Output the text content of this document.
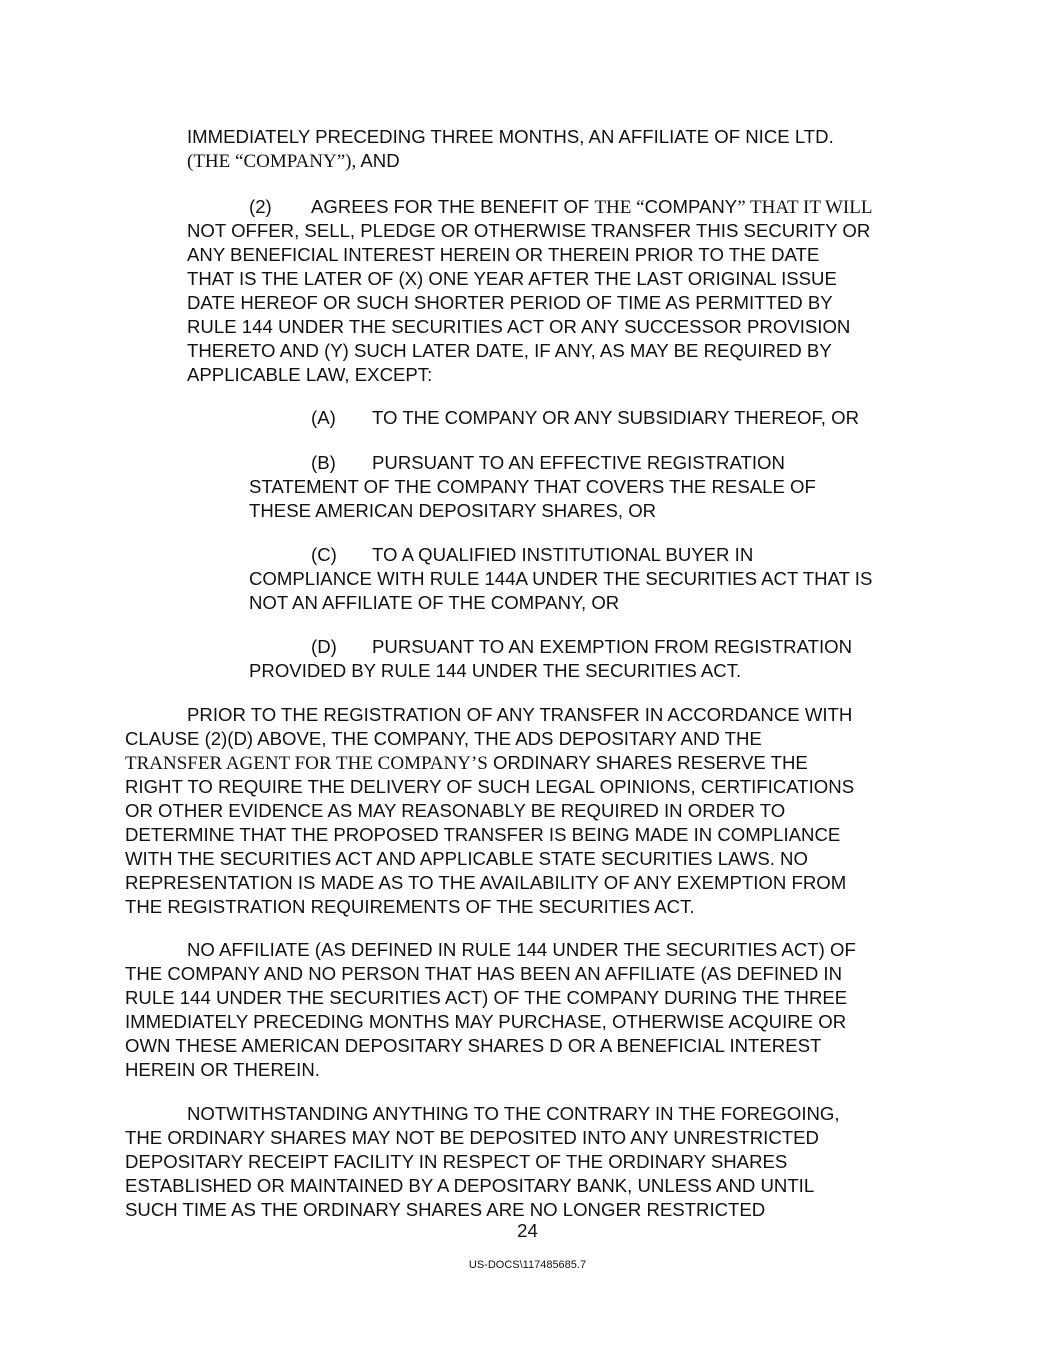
IMMEDIATELY PRECEDING THREE MONTHS, AN AFFILIATE OF NICE LTD.
(THE “COMPANY”), AND
(2) AGREES FOR THE BENEFIT OF THE “COMPANY” THAT IT WILL
NOT OFFER, SELL, PLEDGE OR OTHERWISE TRANSFER THIS SECURITY OR
ANY BENEFICIAL INTEREST HEREIN OR THEREIN PRIOR TO THE DATE
THAT IS THE LATER OF (X) ONE YEAR AFTER THE LAST ORIGINAL ISSUE
DATE HEREOF OR SUCH SHORTER PERIOD OF TIME AS PERMITTED BY
RULE 144 UNDER THE SECURITIES ACT OR ANY SUCCESSOR PROVISION
THERETO AND (Y) SUCH LATER DATE, IF ANY, AS MAY BE REQUIRED BY
APPLICABLE LAW, EXCEPT:
(A) TO THE COMPANY OR ANY SUBSIDIARY THEREOF, OR
(B) PURSUANT TO AN EFFECTIVE REGISTRATION
STATEMENT OF THE COMPANY THAT COVERS THE RESALE OF
THESE AMERICAN DEPOSITARY SHARES, OR
(C) TO A QUALIFIED INSTITUTIONAL BUYER IN
COMPLIANCE WITH RULE 144A UNDER THE SECURITIES ACT THAT IS
NOT AN AFFILIATE OF THE COMPANY, OR
(D) PURSUANT TO AN EXEMPTION FROM REGISTRATION
PROVIDED BY RULE 144 UNDER THE SECURITIES ACT.
PRIOR TO THE REGISTRATION OF ANY TRANSFER IN ACCORDANCE WITH
CLAUSE (2)(D) ABOVE, THE COMPANY, THE ADS DEPOSITARY AND THE
TRANSFER AGENT FOR THE COMPANY’S ORDINARY SHARES RESERVE THE
RIGHT TO REQUIRE THE DELIVERY OF SUCH LEGAL OPINIONS, CERTIFICATIONS
OR OTHER EVIDENCE AS MAY REASONABLY BE REQUIRED IN ORDER TO
DETERMINE THAT THE PROPOSED TRANSFER IS BEING MADE IN COMPLIANCE
WITH THE SECURITIES ACT AND APPLICABLE STATE SECURITIES LAWS. NO
REPRESENTATION IS MADE AS TO THE AVAILABILITY OF ANY EXEMPTION FROM
THE REGISTRATION REQUIREMENTS OF THE SECURITIES ACT.
NO AFFILIATE (AS DEFINED IN RULE 144 UNDER THE SECURITIES ACT) OF
THE COMPANY AND NO PERSON THAT HAS BEEN AN AFFILIATE (AS DEFINED IN
RULE 144 UNDER THE SECURITIES ACT) OF THE COMPANY DURING THE THREE
IMMEDIATELY PRECEDING MONTHS MAY PURCHASE, OTHERWISE ACQUIRE OR
OWN THESE AMERICAN DEPOSITARY SHARES D OR A BENEFICIAL INTEREST
HEREIN OR THEREIN.
NOTWITHSTANDING ANYTHING TO THE CONTRARY IN THE FOREGOING,
THE ORDINARY SHARES MAY NOT BE DEPOSITED INTO ANY UNRESTRICTED
DEPOSITARY RECEIPT FACILITY IN RESPECT OF THE ORDINARY SHARES
ESTABLISHED OR MAINTAINED BY A DEPOSITARY BANK, UNLESS AND UNTIL
SUCH TIME AS THE ORDINARY SHARES ARE NO LONGER RESTRICTED
24
US-DOCS\117485685.7
